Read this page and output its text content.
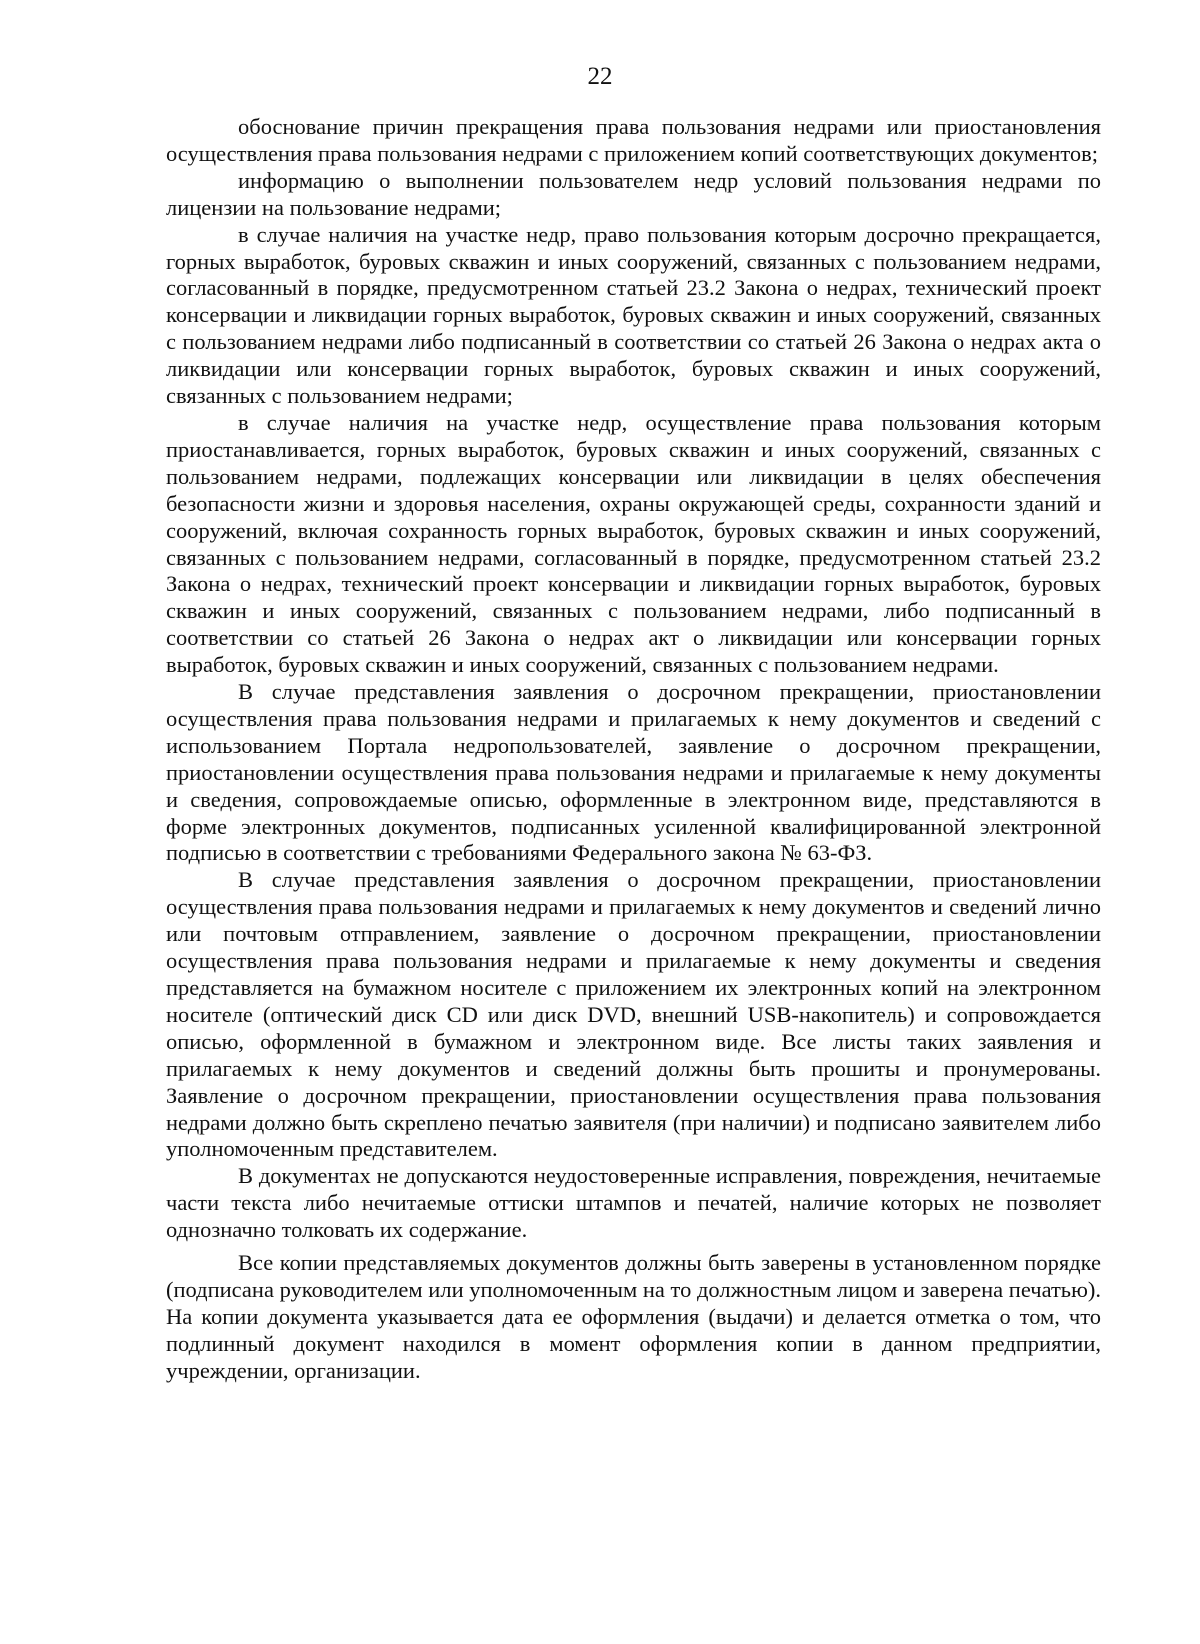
22

обоснование причин прекращения права пользования недрами или приостановления осуществления права пользования недрами с приложением копий соответствующих документов;

информацию о выполнении пользователем недр условий пользования недрами по лицензии на пользование недрами;

в случае наличия на участке недр, право пользования которым досрочно прекращается, горных выработок, буровых скважин и иных сооружений, связанных с пользованием недрами, согласованный в порядке, предусмотренном статьей 23.2 Закона о недрах, технический проект консервации и ликвидации горных выработок, буровых скважин и иных сооружений, связанных с пользованием недрами либо подписанный в соответствии со статьей 26 Закона о недрах акта о ликвидации или консервации горных выработок, буровых скважин и иных сооружений, связанных с пользованием недрами;

в случае наличия на участке недр, осуществление права пользования которым приостанавливается, горных выработок, буровых скважин и иных сооружений, связанных с пользованием недрами, подлежащих консервации или ликвидации в целях обеспечения безопасности жизни и здоровья населения, охраны окружающей среды, сохранности зданий и сооружений, включая сохранность горных выработок, буровых скважин и иных сооружений, связанных с пользованием недрами, согласованный в порядке, предусмотренном статьей 23.2 Закона о недрах, технический проект консервации и ликвидации горных выработок, буровых скважин и иных сооружений, связанных с пользованием недрами, либо подписанный в соответствии со статьей 26 Закона о недрах акт о ликвидации или консервации горных выработок, буровых скважин и иных сооружений, связанных с пользованием недрами.

В случае представления заявления о досрочном прекращении, приостановлении осуществления права пользования недрами и прилагаемых к нему документов и сведений с использованием Портала недропользователей, заявление о досрочном прекращении, приостановлении осуществления права пользования недрами и прилагаемые к нему документы и сведения, сопровождаемые описью, оформленные в электронном виде, представляются в форме электронных документов, подписанных усиленной квалифицированной электронной подписью в соответствии с требованиями Федерального закона № 63-ФЗ.

В случае представления заявления о досрочном прекращении, приостановлении осуществления права пользования недрами и прилагаемых к нему документов и сведений лично или почтовым отправлением, заявление о досрочном прекращении, приостановлении осуществления права пользования недрами и прилагаемые к нему документы и сведения представляется на бумажном носителе с приложением их электронных копий на электронном носителе (оптический диск CD или диск DVD, внешний USB-накопитель) и сопровождается описью, оформленной в бумажном и электронном виде. Все листы таких заявления и прилагаемых к нему документов и сведений должны быть прошиты и пронумерованы. Заявление о досрочном прекращении, приостановлении осуществления права пользования недрами должно быть скреплено печатью заявителя (при наличии) и подписано заявителем либо уполномоченным представителем.

В документах не допускаются неудостоверенные исправления, повреждения, нечитаемые части текста либо нечитаемые оттиски штампов и печатей, наличие которых не позволяет однозначно толковать их содержание.

Все копии представляемых документов должны быть заверены в установленном порядке (подписана руководителем или уполномоченным на то должностным лицом и заверена печатью). На копии документа указывается дата ее оформления (выдачи) и делается отметка о том, что подлинный документ находился в момент оформления копии в данном предприятии, учреждении, организации.
